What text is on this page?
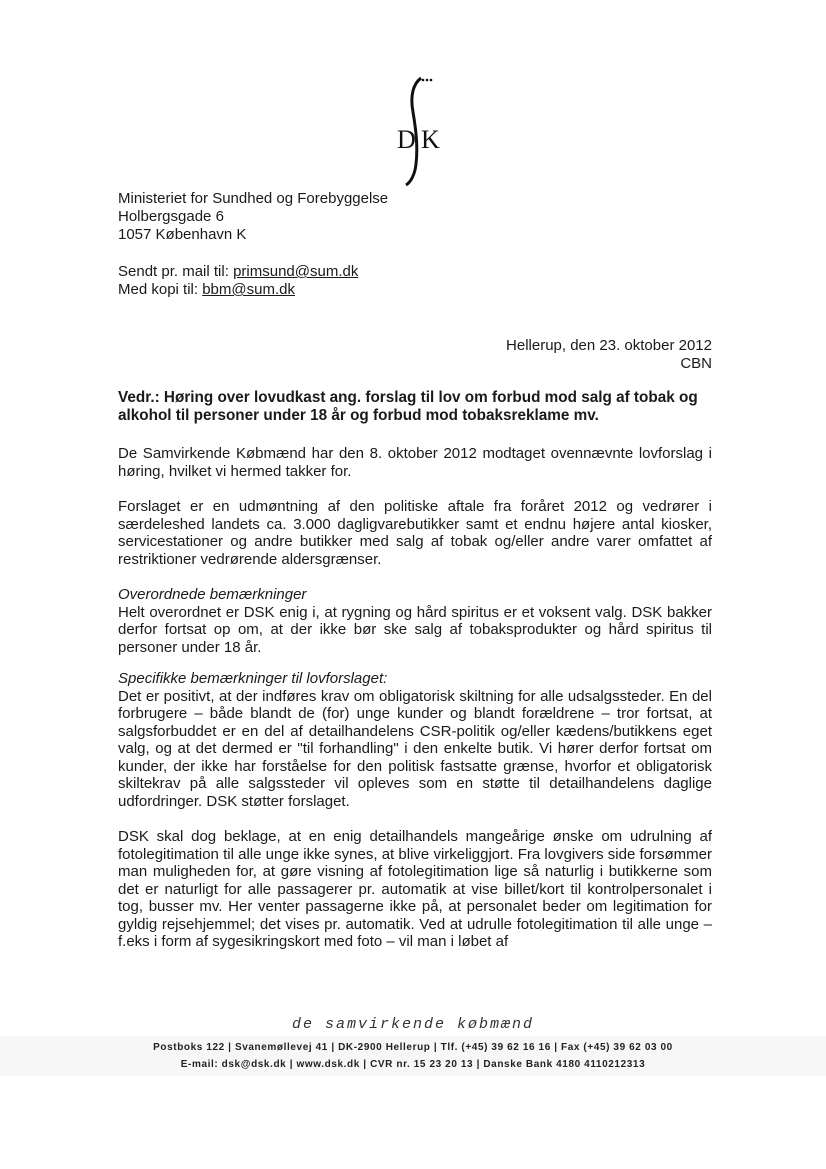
D K
Ministeriet for Sundhed og Forebyggelse
Holbergsgade 6
1057 København K
Sendt pr. mail til: primsund@sum.dk
Med kopi til: bbm@sum.dk
Hellerup, den 23. oktober 2012
CBN
Vedr.: Høring over lovudkast ang. forslag til lov om forbud mod salg af tobak og alkohol til personer under 18 år og forbud mod tobaksreklame mv.

De Samvirkende Købmænd har den 8. oktober 2012 modtaget ovennævnte lovforslag i høring, hvilket vi hermed takker for.

Forslaget er en udmøntning af den politiske aftale fra foråret 2012 og vedrører i særdeleshed landets ca. 3.000 dagligvarebutikker samt et endnu højere antal kiosker, servicestationer og andre butikker med salg af tobak og/eller andre varer omfattet af restriktioner vedrørende aldersgrænser.

Overordnede bemærkninger

Helt overordnet er DSK enig i, at rygning og hård spiritus er et voksent valg. DSK bakker derfor fortsat op om, at der ikke bør ske salg af tobaksprodukter og hård spiritus til personer under 18 år.

Specifikke bemærkninger til lovforslaget:

Det er positivt, at der indføres krav om obligatorisk skiltning for alle udsalgssteder. En del forbrugere – både blandt de (for) unge kunder og blandt forældrene – tror fortsat, at salgsforbuddet er en del af detailhandelens CSR-politik og/eller kædens/butikkens eget valg, og at det dermed er "til forhandling" i den enkelte butik. Vi hører derfor fortsat om kunder, der ikke har forståelse for den politisk fastsatte grænse, hvorfor et obligatorisk skiltekrav på alle salgssteder vil opleves som en støtte til detailhandelens daglige udfordringer. DSK støtter forslaget.

DSK skal dog beklage, at en enig detailhandels mangeårige ønske om udrulning af fotolegitimation til alle unge ikke synes, at blive virkeliggjort. Fra lovgivers side forsømmer man muligheden for, at gøre visning af fotolegitimation lige så naturlig i butikkerne som det er naturligt for alle passagerer pr. automatik at vise billet/kort til kontrolpersonalet i tog, busser mv. Her venter passagerne ikke på, at personalet beder om legitimation for gyldig rejsehjemmel; det vises pr. automatik. Ved at udrulle fotolegitimation til alle unge – f.eks i form af sygesikringskort med foto – vil man i løbet af

de samvirkende købmænd
Postboks 122 | Svanemøllevej 41 | DK-2900 Hellerup | Tlf. (+45) 39 62 16 16 | Fax (+45) 39 62 03 00
E-mail: dsk@dsk.dk | www.dsk.dk | CVR nr. 15 23 20 13 | Danske Bank 4180 4110212313
